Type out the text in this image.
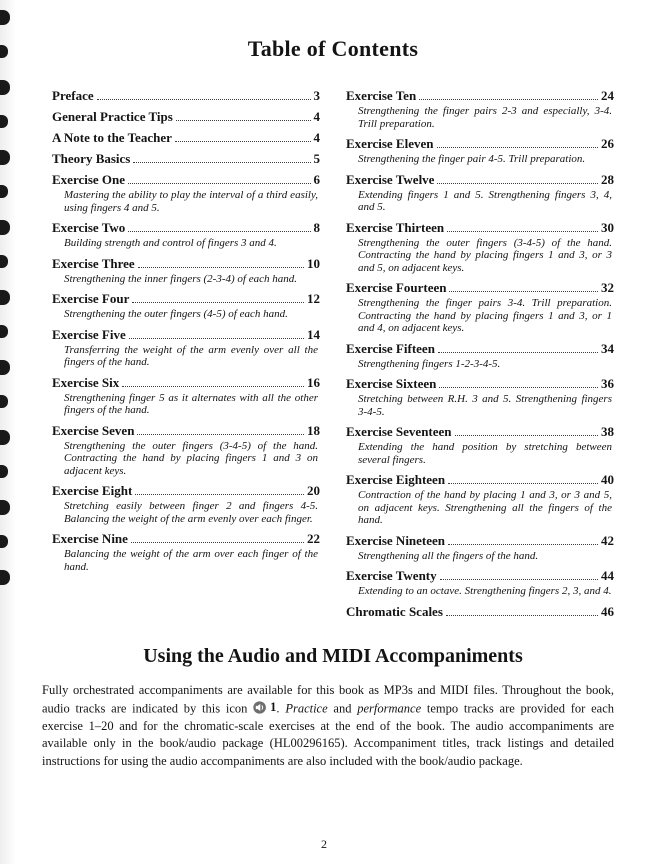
Table of Contents
Preface	3
General Practice Tips	4
A Note to the Teacher	4
Theory Basics	5
Exercise One	6
Mastering the ability to play the interval of a third easily, using fingers 4 and 5.
Exercise Two	8
Building strength and control of fingers 3 and 4.
Exercise Three	10
Strengthening the inner fingers (2-3-4) of each hand.
Exercise Four	12
Strengthening the outer fingers (4-5) of each hand.
Exercise Five	14
Transferring the weight of the arm evenly over all the fingers of the hand.
Exercise Six	16
Strengthening finger 5 as it alternates with all the other fingers of the hand.
Exercise Seven	18
Strengthening the outer fingers (3-4-5) of the hand. Contracting the hand by placing fingers 1 and 3 on adjacent keys.
Exercise Eight	20
Stretching easily between finger 2 and fingers 4-5. Balancing the weight of the arm evenly over each finger.
Exercise Nine	22
Balancing the weight of the arm over each finger of the hand.
Exercise Ten	24
Strengthening the finger pairs 2-3 and especially, 3-4. Trill preparation.
Exercise Eleven	26
Strengthening the finger pair 4-5. Trill preparation.
Exercise Twelve	28
Extending fingers 1 and 5. Strengthening fingers 3, 4, and 5.
Exercise Thirteen	30
Strengthening the outer fingers (3-4-5) of the hand. Contracting the hand by placing fingers 1 and 3, or 3 and 5, on adjacent keys.
Exercise Fourteen	32
Strengthening the finger pairs 3-4. Trill preparation. Contracting the hand by placing fingers 1 and 3, or 1 and 4, on adjacent keys.
Exercise Fifteen	34
Strengthening fingers 1-2-3-4-5.
Exercise Sixteen	36
Stretching between R.H. 3 and 5. Strengthening fingers 3-4-5.
Exercise Seventeen	38
Extending the hand position by stretching between several fingers.
Exercise Eighteen	40
Contraction of the hand by placing 1 and 3, or 3 and 5, on adjacent keys. Strengthening all the fingers of the hand.
Exercise Nineteen	42
Strengthening all the fingers of the hand.
Exercise Twenty	44
Extending to an octave. Strengthening fingers 2, 3, and 4.
Chromatic Scales	46
Using the Audio and MIDI Accompaniments

Fully orchestrated accompaniments are available for this book as MP3s and MIDI files. Throughout the book, audio tracks are indicated by this icon 1 . Practice and performance tempo tracks are provided for each exercise 1–20 and for the chromatic-scale exercises at the end of the book. The audio accompaniments are available only in the book/audio package (HL00296165). Accompaniment titles, track listings and detailed instructions for using the audio accompaniments are also included with the book/audio package.

2
